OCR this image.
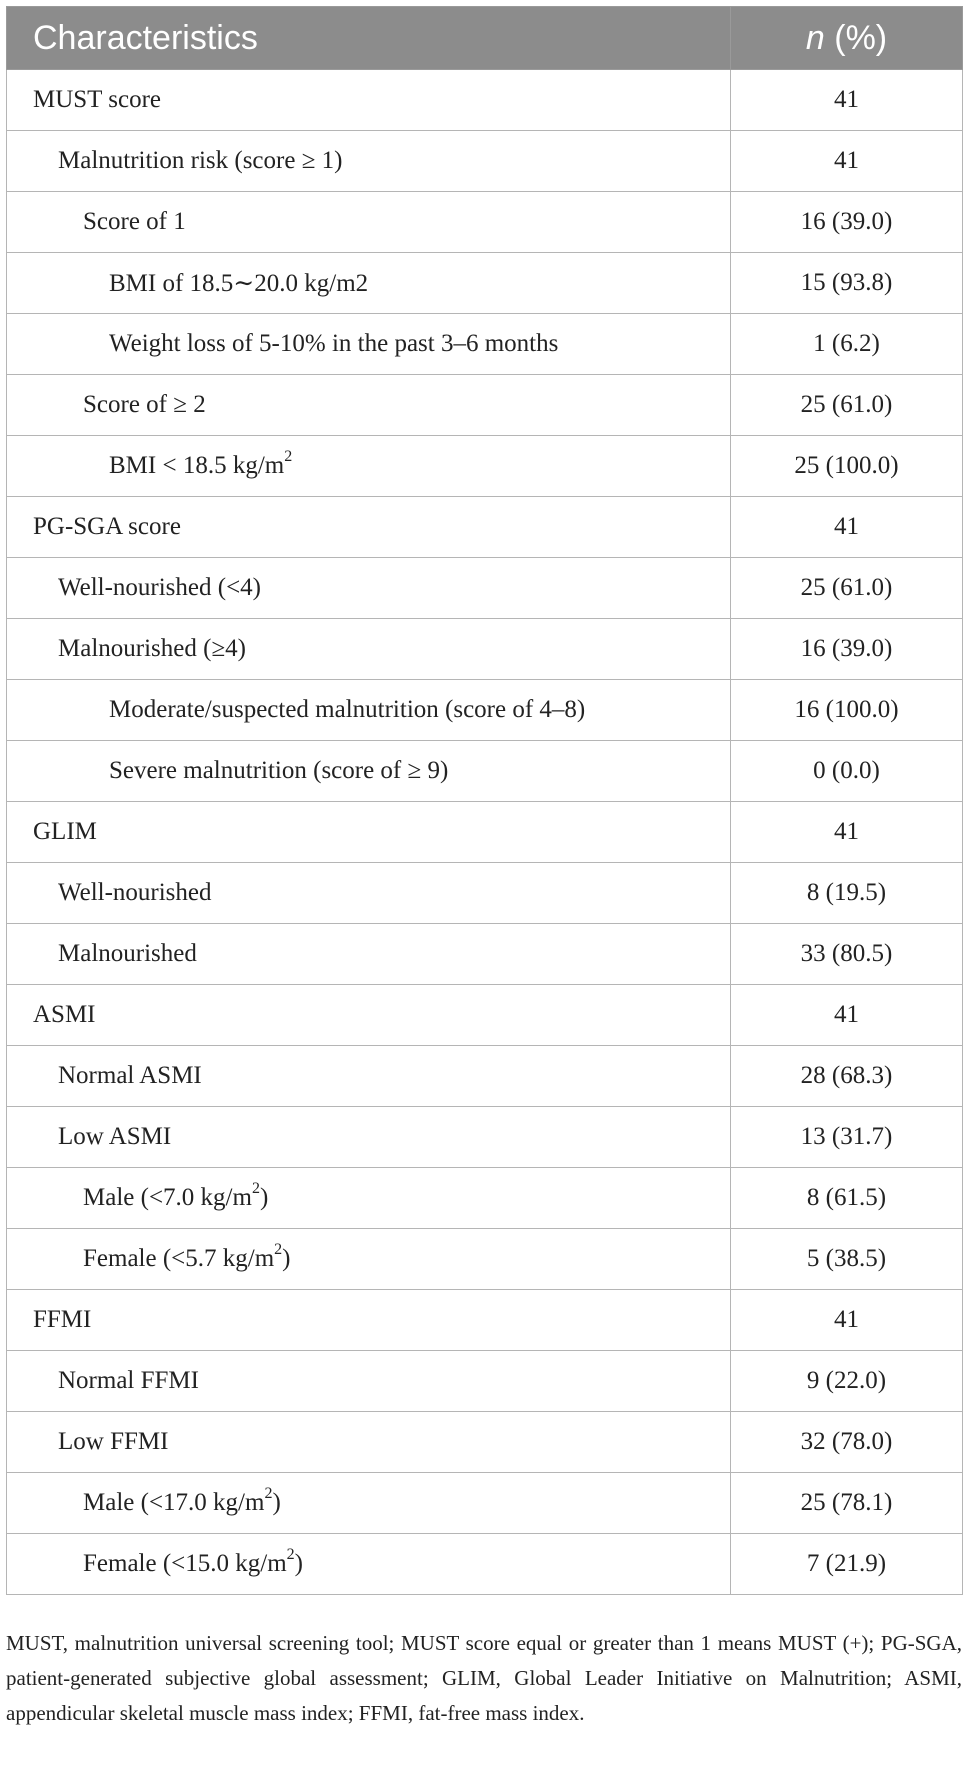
Characteristics	n (%)
MUST score	41
Malnutrition risk (score ≥ 1)	41
Score of 1	16 (39.0)
BMI of 18.5∼20.0 kg/m2	15 (93.8)
Weight loss of 5-10% in the past 3–6 months	1 (6.2)
Score of ≥ 2	25 (61.0)
BMI < 18.5 $kg/m^2$	25 (100.0)
PG-SGA score	41
Well-nourished (<4)	25 (61.0)
Malnourished (≥4)	16 (39.0)
Moderate/suspected malnutrition (score of 4–8)	16 (100.0)
Severe malnutrition (score of ≥ 9)	0 (0.0)
GLIM	41
Well-nourished	8 (19.5)
Malnourished	33 (80.5)
ASMI	41
Normal ASMI	28 (68.3)
Low ASMI	13 (31.7)
Male (<7.0 $kg/m^2$)	8 (61.5)
Female (<5.7 $kg/m^2$)	5 (38.5)
FFMI	41
Normal FFMI	9 (22.0)
Low FFMI	32 (78.0)
Male (<17.0 $kg/m^2$)	25 (78.1)
Female (<15.0 $kg/m^2$)	7 (21.9)
MUST, malnutrition universal screening tool; MUST score equal or greater than 1 means MUST (+); PG-SGA, patient-generated subjective global assessment; GLIM, Global Leader Initiative on Malnutrition; ASMI, appendicular skeletal muscle mass index; FFMI, fat-free mass index.
